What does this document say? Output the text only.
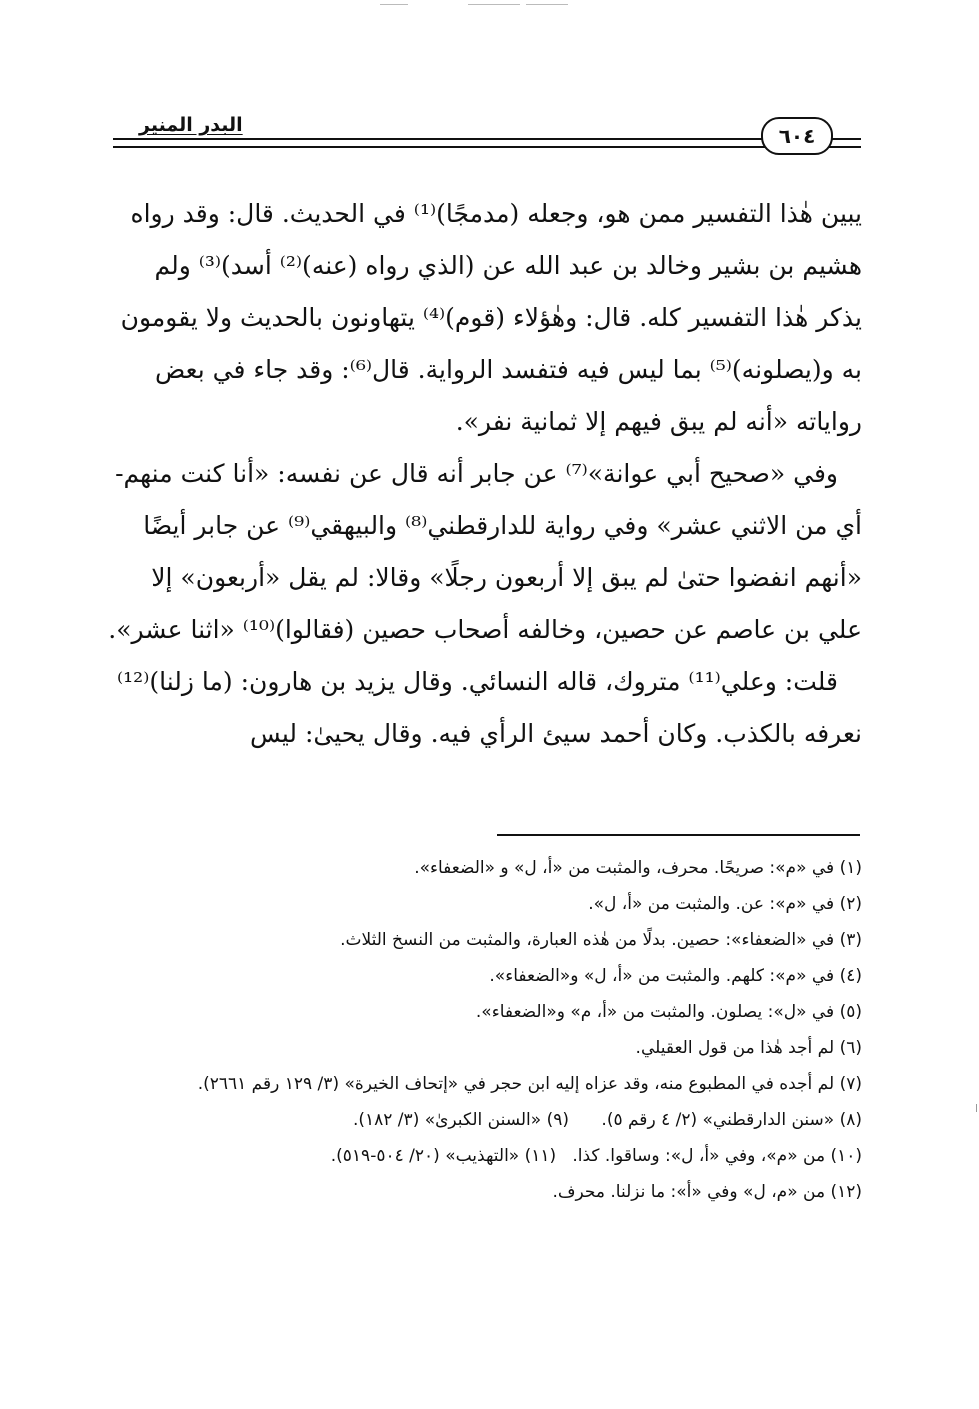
البدر المنير	٦٠٤

يبين هٰذا التفسير ممن هو، وجعله (مدمجًا)⁽¹⁾ في الحديث. قال: وقد رواه هشيم بن بشير وخالد بن عبد الله عن (الذي رواه (عنه)⁽²⁾ أسد)⁽³⁾ ولم يذكر هٰذا التفسير كله. قال: وهٰؤلاء (قوم)⁽⁴⁾ يتهاونون بالحديث ولا يقومون به و(يصلونه)⁽⁵⁾ بما ليس فيه فتفسد الرواية. قال⁽⁶⁾: وقد جاء في بعض رواياته «أنه لم يبق فيهم إلا ثمانية نفر».

وفي «صحيح أبي عوانة»⁽⁷⁾ عن جابر أنه قال عن نفسه: «أنا كنت منهم- أي من الاثني عشر» وفي رواية للدارقطني⁽⁸⁾ والبيهقي⁽⁹⁾ عن جابر أيضًا «أنهم انفضوا حتىٰ لم يبق إلا أربعون رجلًا» وقالا: لم يقل «أربعون» إلا علي بن عاصم عن حصين، وخالفه أصحاب حصين (فقالوا)⁽¹⁰⁾ «اثنا عشر».

قلت: وعلي⁽¹¹⁾ متروك، قاله النسائي. وقال يزيد بن هارون: (ما زلنا)⁽¹²⁾ نعرفه بالكذب. وكان أحمد سيئ الرأي فيه. وقال يحيىٰ: ليس

(١) في «م»: صريحًا. محرف، والمثبت من «أ، ل» و «الضعفاء».

(٢) في «م»: عن. والمثبت من «أ، ل».

(٣) في «الضعفاء»: حصين. بدلًا من هٰذه العبارة، والمثبت من النسخ الثلاث.

(٤) في «م»: كلهم. والمثبت من «أ، ل» و«الضعفاء».

(٥) في «ل»: يصلون. والمثبت من «أ، م» و«الضعفاء».

(٦) لم أجد هٰذا من قول العقيلي.

(٧) لم أجده في المطبوع منه، وقد عزاه إليه ابن حجر في «إتحاف الخيرة» (٣/ ١٢٩ رقم ٢٦٦١).

(٨) «سنن الدارقطني» (٢/ ٤ رقم ٥).      (٩) «السنن الكبرىٰ» (٣/ ١٨٢).

(١٠) من «م»، وفي «أ، ل»: وساقوا. كذا.   (١١) «التهذيب» (٢٠/ ٥٠٤-٥١٩).

(١٢) من «م، ل» وفي «أ»: ما نزلنا. محرف.
